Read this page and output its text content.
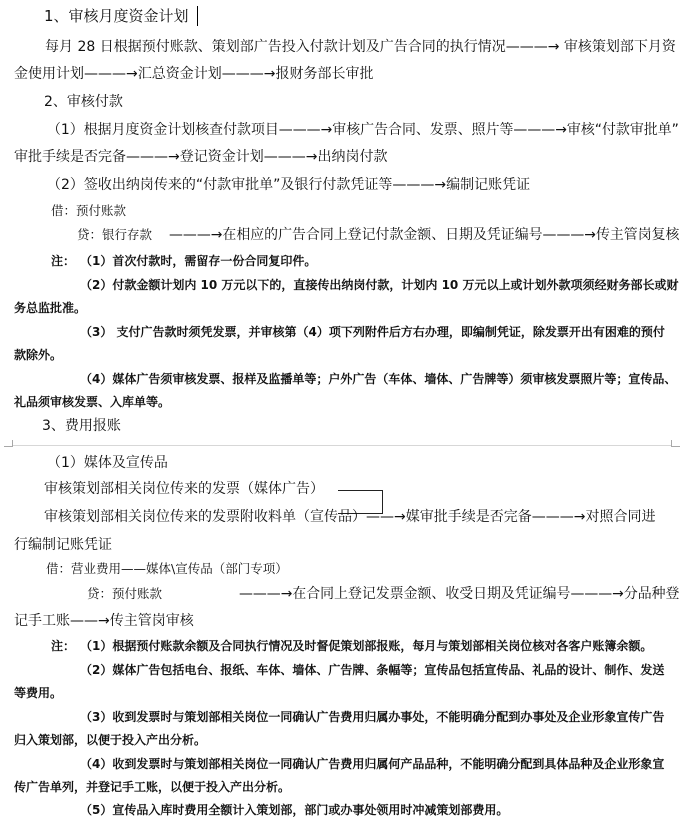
1、审核月度资金计划
每月 28 日根据预付账款、策划部广告投入付款计划及广告合同的执行情况———→ 审核策划部下月资
金使用计划———→汇总资金计划———→报财务部长审批
2、审核付款
（1）根据月度资金计划核查付款项目———→审核广告合同、发票、照片等———→审核“付款审批单”
审批手续是否完备———→登记资金计划———→出纳岗付款
（2）签收出纳岗传来的“付款审批单”及银行付款凭证等———→编制记账凭证
借：预付账款
贷：银行存款 ———→在相应的广告合同上登记付款金额、日期及凭证编号———→传主管岗复核
注： （1）首次付款时，需留存一份合同复印件。
（2）付款金额计划内 10 万元以下的，直接传出纳岗付款，计划内 10 万元以上或计划外款项须经财务部长或财
务总监批准。
（3） 支付广告款时须凭发票，并审核第（4）项下列附件后方右办理，即编制凭证，除发票开出有困难的预付
款除外。
（4）媒体广告须审核发票、报样及监播单等；户外广告（车体、墙体、广告牌等）须审核发票照片等；宣传品、
礼品须审核发票、入库单等。
3、费用报账
（1）媒体及宣传品
审核策划部相关岗位传来的发票（媒体广告）
审核策划部相关岗位传来的发票附收料单（宣传品）——→媒审批手续是否完备———→对照合同进
行编制记账凭证
借：营业费用——媒体\宣传品（部门专项）
贷：预付账款	———→在合同上登记发票金额、收受日期及凭证编号———→分品种登
记手工账——→传主管岗审核
注： （1）根据预付账款余额及合同执行情况及时督促策划部报账，每月与策划部相关岗位核对各客户账簿余额。
（2）媒体广告包括电台、报纸、车体、墙体、广告牌、条幅等；宣传品包括宣传品、礼品的设计、制作、发送
等费用。
（3）收到发票时与策划部相关岗位一同确认广告费用归属办事处，不能明确分配到办事处及企业形象宣传广告
归入策划部，以便于投入产出分析。
（4）收到发票时与策划部相关岗位一同确认广告费用归属何产品品种，不能明确分配到具体品种及企业形象宣
传广告单列，并登记手工账，以便于投入产出分析。
（5）宣传品入库时费用全额计入策划部，部门或办事处领用时冲减策划部费用。
